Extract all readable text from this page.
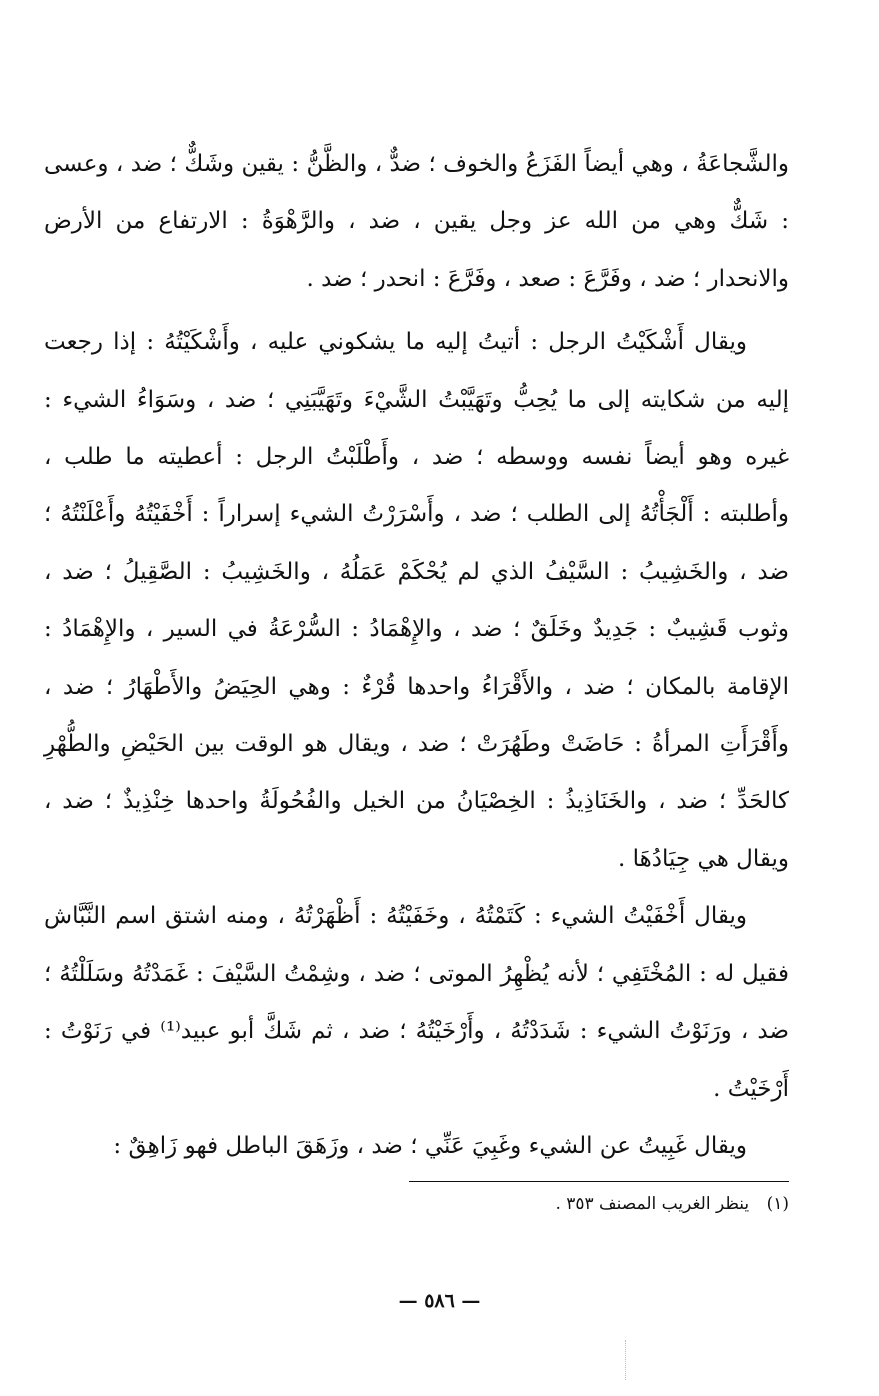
والشَّجاعَةُ ، وهي أيضاً الفَزَعُ والخوف ؛ ضدٌّ ، والظَّنُّ : يقين وشَكٌّ ؛ ضد ، وعسى : شَكٌّ وهي من الله عز وجل يقين ، ضد ، والرَّهْوَةُ : الارتفاع من الأرض والانحدار ؛ ضد ، وفَرَّعَ : صعد ، وفَرَّعَ : انحدر ؛ ضد .

ويقال أَشْكَيْتُ الرجل : أتيتُ إليه ما يشكوني عليه ، وأَشْكَيْتُهُ : إذا رجعت إليه من شكايته إلى ما يُحِبُّ وتَهَيَّبْتُ الشَّيْءَ وتَهَيَّبَنِي ؛ ضد ، وسَوَاءُ الشيء : غيره وهو أيضاً نفسه ووسطه ؛ ضد ، وأَطْلَبْتُ الرجل : أعطيته ما طلب ، وأطلبته : أَلْجَأْتُهُ إلى الطلب ؛ ضد ، وأَسْرَرْتُ الشيء إسراراً : أَخْفَيْتُهُ وأَعْلَنْتُهُ ؛ ضد ، والخَشِيبُ : السَّيْفُ الذي لم يُحْكَمْ عَمَلُهُ ، والخَشِيبُ : الصَّقِيلُ ؛ ضد ، وثوب قَشِيبٌ : جَدِيدٌ وخَلَقٌ ؛ ضد ، والإِهْمَادُ : السُّرْعَةُ في السير ، والإِهْمَادُ : الإقامة بالمكان ؛ ضد ، والأَقْرَاءُ واحدها قُرْءٌ : وهي الحِيَضُ والأَطْهَارُ ؛ ضد ، وأَقْرَأَتِ المرأةُ : حَاضَتْ وطَهُرَتْ ؛ ضد ، ويقال هو الوقت بين الحَيْضِ والطُّهْرِ كالحَدِّ ؛ ضد ، والخَنَاذِيذُ : الخِصْيَانُ من الخيل والفُحُولَةُ واحدها خِنْذِيذٌ ؛ ضد ، ويقال هي جِيَادُهَا .

ويقال أَخْفَيْتُ الشيء : كَتَمْتُهُ ، وخَفَيْتُهُ : أَظْهَرْتُهُ ، ومنه اشتق اسم النَّبَّاش فقيل له : المُخْتَفِي ؛ لأنه يُظْهِرُ الموتى ؛ ضد ، وشِمْتُ السَّيْفَ : غَمَدْتُهُ وسَلَلْتُهُ ؛ ضد ، ورَنَوْتُ الشيء : شَدَدْتُهُ ، وأَرْخَيْتُهُ ؛ ضد ، ثم شَكَّ أبو عبيد⁽¹⁾ في رَنَوْتُ : أَرْخَيْتُ .

ويقال غَبِيتُ عن الشيء وغَبِيَ عَنِّي ؛ ضد ، وزَهَقَ الباطل فهو زَاهِقٌ :

(١) ينظر الغريب المصنف ٣٥٣ .
— ٥٨٦ —
